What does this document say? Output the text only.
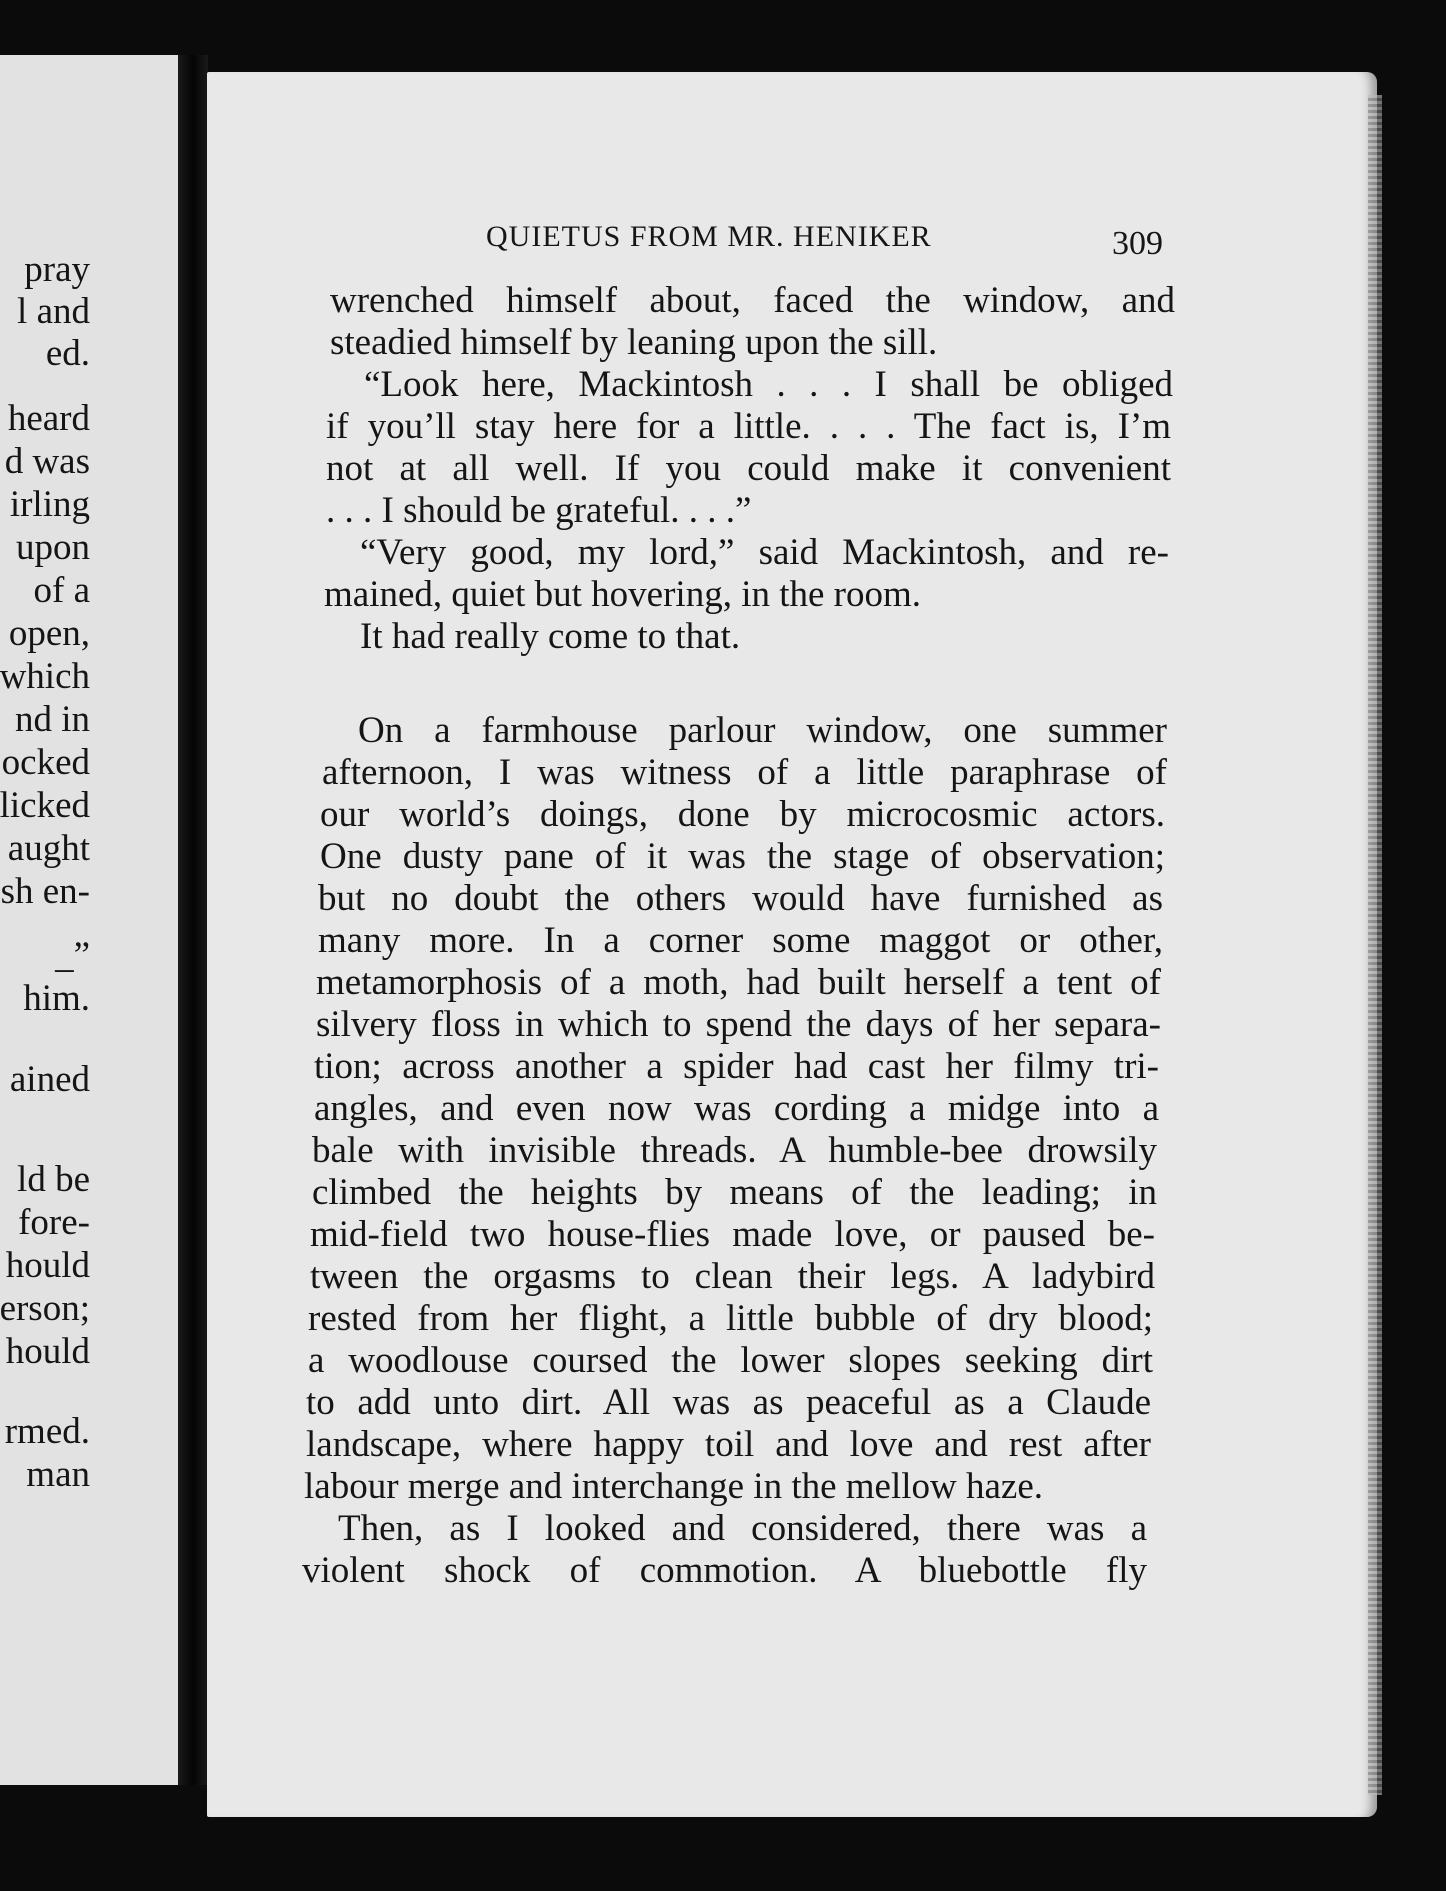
pray
l and
ed.
heard
d was
irling
upon
of a
open,
which
nd in
ocked
licked
aught
sh en-
_”
him.
ained
ld be
fore-
hould
erson;
hould
rmed.
man
QUIETUS FROM MR. HENIKER	309
wrenched himself about, faced the window, and
steadied himself by leaning upon the sill.
“Look here, Mackintosh . . . I shall be obliged
if you’ll stay here for a little. . . . The fact is, I’m
not at all well. If you could make it convenient
. . . I should be grateful. . . .”
“Very good, my lord,” said Mackintosh, and re-
mained, quiet but hovering, in the room.
It had really come to that.
On a farmhouse parlour window, one summer
afternoon, I was witness of a little paraphrase of
our world’s doings, done by microcosmic actors.
One dusty pane of it was the stage of observation;
but no doubt the others would have furnished as
many more. In a corner some maggot or other,
metamorphosis of a moth, had built herself a tent of
silvery floss in which to spend the days of her separa-
tion; across another a spider had cast her filmy tri-
angles, and even now was cording a midge into a
bale with invisible threads. A humble-bee drowsily
climbed the heights by means of the leading; in
mid-field two house-flies made love, or paused be-
tween the orgasms to clean their legs. A ladybird
rested from her flight, a little bubble of dry blood;
a woodlouse coursed the lower slopes seeking dirt
to add unto dirt. All was as peaceful as a Claude
landscape, where happy toil and love and rest after
labour merge and interchange in the mellow haze.
Then, as I looked and considered, there was a
violent shock of commotion. A bluebottle fly
